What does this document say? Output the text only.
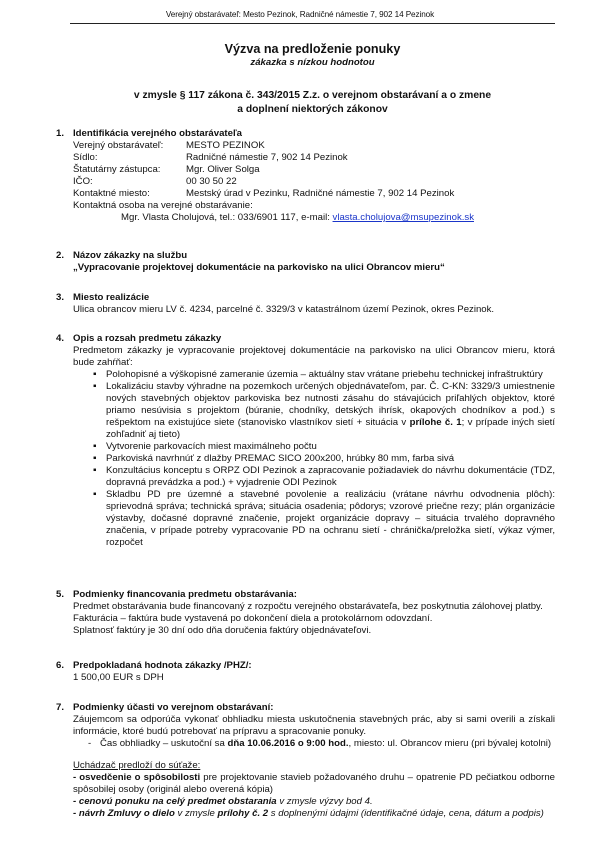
Verejný obstarávateľ: Mesto Pezinok, Radničné námestie 7, 902 14 Pezinok
Výzva na predloženie ponuky
zákazka s nízkou hodnotou
v zmysle § 117 zákona č. 343/2015 Z.z. o verejnom obstarávaní a o zmene
a doplnení niektorých zákonov
1. Identifikácia verejného obstarávateľa
Verejný obstarávateľ: MESTO PEZINOK
Sídlo:	Radničné námestie 7, 902 14 Pezinok
Štatutárny zástupca:	Mgr. Oliver Solga
IČO:	00 30 50 22
Kontaktné miesto:	Mestský úrad v Pezinku, Radničné námestie 7, 902 14 Pezinok
Kontaktná osoba na verejné obstarávanie:
Mgr. Vlasta Cholujová, tel.: 033/6901 117, e-mail: vlasta.cholujova@msupezinok.sk
2. Názov zákazky na službu
„Vypracovanie projektovej dokumentácie na parkovisko na ulici Obrancov mieru“
3. Miesto realizácie
Ulica obrancov mieru LV č. 4234, parcelné č. 3329/3 v katastrálnom území Pezinok, okres Pezinok.
4. Opis a rozsah predmetu zákazky
Predmetom zákazky je vypracovanie projektovej dokumentácie na parkovisko na ulici Obrancov mieru, ktorá bude zahŕňať:
▪ Polohopisné a výškopisné zameranie územia – aktuálny stav vrátane priebehu technickej infraštruktúry
▪ Lokalizáciu stavby výhradne na pozemkoch určených objednávateľom, par. Č. C-KN: 3329/3 umiestnenie nových stavebných objektov parkoviska bez nutnosti zásahu do stávajúcich priľahlých objektov, ktoré priamo nesúvisia s projektom (búranie, chodníky, detských ihrísk, okapových chodníkov a pod.) s rešpektom na existujúce siete (stanovisko vlastníkov sietí + situácia v prílohe č. 1; v prípade iných sietí zohľadniť aj tieto)
▪ Vytvorenie parkovacích miest maximálneho počtu
▪ Parkoviská navrhnúť z dlažby PREMAC SICO 200x200, hrúbky 80 mm, farba sivá
▪ Konzultácius konceptu s ORPZ ODI Pezinok a zapracovanie požiadaviek do návrhu dokumentácie (TDZ, dopravná prevádzka a pod.) + vyjadrenie ODI Pezinok
▪ Skladbu PD pre územné a stavebné povolenie a realizáciu (vrátane návrhu odvodnenia plôch): sprievodná správa; technická správa; situácia osadenia; pôdorys; vzorové priečne rezy; plán organizácie výstavby, dočasné dopravné značenie, projekt organizácie dopravy – situácia trvalého dopravného značenia, v prípade potreby vypracovanie PD na ochranu sietí - chránička/preložka sietí, výkaz výmer, rozpočet
5. Podmienky financovania predmetu obstarávania:
Predmet obstarávania bude financovaný z rozpočtu verejného obstarávateľa, bez poskytnutia zálohovej platby.
Fakturácia – faktúra bude vystavená po dokončení diela a protokolárnom odovzdaní.
Splatnosť faktúry je 30 dní odo dňa doručenia faktúry objednávateľovi.
6. Predpokladaná hodnota zákazky /PHZ/:
1 500,00 EUR s DPH
7. Podmienky účasti vo verejnom obstarávaní:
Záujemcom sa odporúča vykonať obhliadku miesta uskutočnenia stavebných prác, aby si sami overili a získali informácie, ktoré budú potrebovať na prípravu a spracovanie ponuky.
- Čas obhliadky – uskutoční sa dňa 10.06.2016 o 9:00 hod., miesto: ul. Obrancov mieru (pri bývalej kotolni)
Uchádzač predloží do súťaže:
- osvedčenie o spôsobilosti pre projektovanie stavieb požadovaného druhu – opatrenie PD pečiatkou odborne spôsobilej osoby (originál alebo overená kópia)
- cenovú ponuku na celý predmet obstarania v zmysle výzvy bod 4.
- návrh Zmluvy o dielo v zmysle prílohy č. 2 s doplnenými údajmi (identifikačné údaje, cena, dátum a podpis)
